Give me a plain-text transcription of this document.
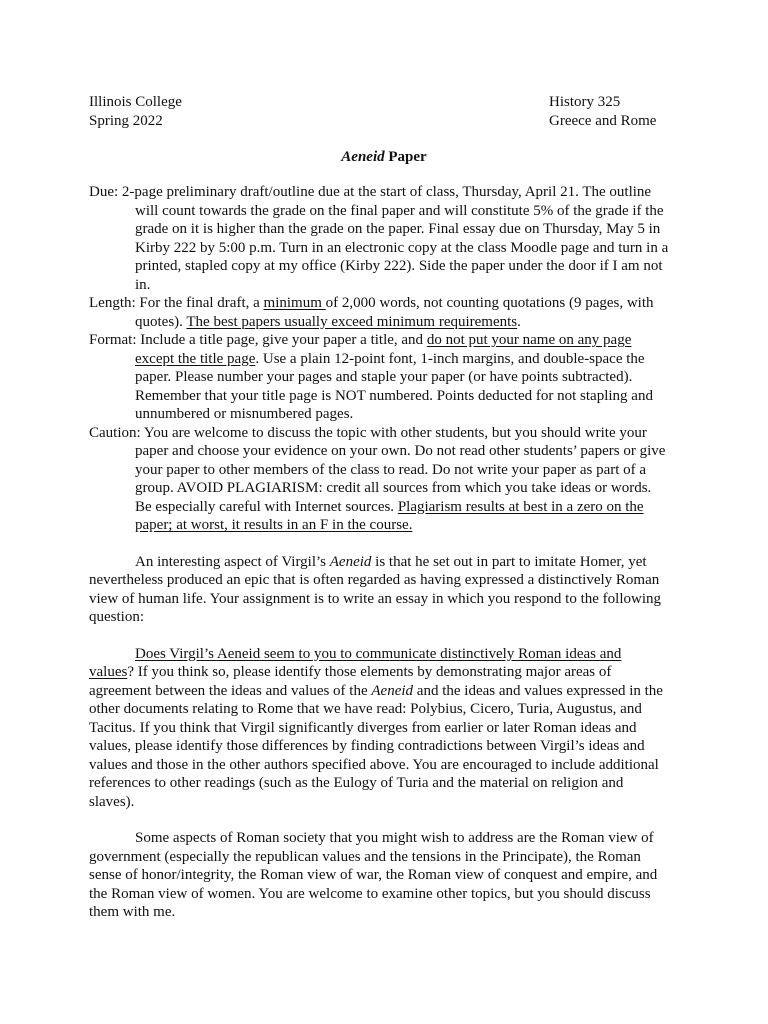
Illinois College
Spring 2022
History 325
Greece and Rome
Aeneid Paper

Due: 2-page preliminary draft/outline due at the start of class, Thursday, April 21. The outline will count towards the grade on the final paper and will constitute 5% of the grade if the grade on it is higher than the grade on the paper. Final essay due on Thursday, May 5 in Kirby 222 by 5:00 p.m. Turn in an electronic copy at the class Moodle page and turn in a printed, stapled copy at my office (Kirby 222). Side the paper under the door if I am not in.

Length: For the final draft, a minimum of 2,000 words, not counting quotations (9 pages, with quotes). The best papers usually exceed minimum requirements.

Format: Include a title page, give your paper a title, and do not put your name on any page except the title page. Use a plain 12-point font, 1-inch margins, and double-space the paper. Please number your pages and staple your paper (or have points subtracted). Remember that your title page is NOT numbered. Points deducted for not stapling and unnumbered or misnumbered pages.

Caution: You are welcome to discuss the topic with other students, but you should write your paper and choose your evidence on your own. Do not read other students’ papers or give your paper to other members of the class to read. Do not write your paper as part of a group. AVOID PLAGIARISM: credit all sources from which you take ideas or words. Be especially careful with Internet sources. Plagiarism results at best in a zero on the paper; at worst, it results in an F in the course.

An interesting aspect of Virgil’s Aeneid is that he set out in part to imitate Homer, yet nevertheless produced an epic that is often regarded as having expressed a distinctively Roman view of human life. Your assignment is to write an essay in which you respond to the following question:

Does Virgil’s Aeneid seem to you to communicate distinctively Roman ideas and values? If you think so, please identify those elements by demonstrating major areas of agreement between the ideas and values of the Aeneid and the ideas and values expressed in the other documents relating to Rome that we have read: Polybius, Cicero, Turia, Augustus, and Tacitus. If you think that Virgil significantly diverges from earlier or later Roman ideas and values, please identify those differences by finding contradictions between Virgil’s ideas and values and those in the other authors specified above. You are encouraged to include additional references to other readings (such as the Eulogy of Turia and the material on religion and slaves).

Some aspects of Roman society that you might wish to address are the Roman view of government (especially the republican values and the tensions in the Principate), the Roman sense of honor/integrity, the Roman view of war, the Roman view of conquest and empire, and the Roman view of women. You are welcome to examine other topics, but you should discuss them with me.
